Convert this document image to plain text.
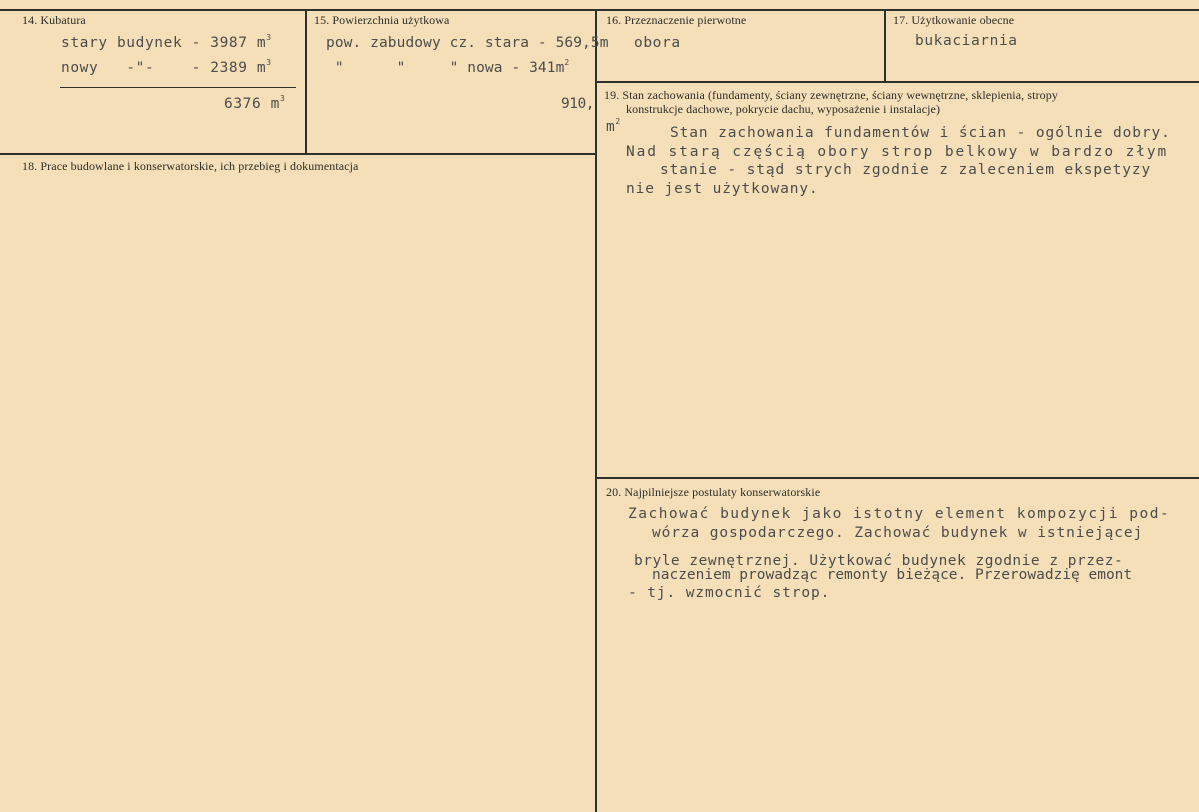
14. Kubatura
stary budynek - 3987 $m^3$
nowy   -"-    - 2389 $m^3$
6376 $m^3$
15. Powierzchnia użytkowa
pow. zabudowy cz. stara - 569,5m
"      "     " nowa - $341m^2$
910,
$m^2$
16. Przeznaczenie pierwotne
obora
17. Użytkowanie obecne
bukaciarnia
18. Prace budowlane i konserwatorskie, ich przebieg i dokumentacja
19. Stan zachowania (fundamenty, ściany zewnętrzne, ściany wewnętrzne, sklepienia, stropy
konstrukcje dachowe, pokrycie dachu, wyposażenie i instalacje)
Stan zachowania fundamentów i ścian - ogólnie dobry.
Nad starą częścią obory strop belkowy w bardzo złym
stanie - stąd strych zgodnie z zaleceniem ekspetyzy
nie jest użytkowany.
20. Najpilniejsze postulaty konserwatorskie
Zachować budynek jako istotny element kompozycji pod-
wórza gospodarczego. Zachować budynek w istniejącej
bryle zewnętrznej. Użytkować budynek zgodnie z przez-
naczeniem prowadząc remonty bieżące. Przerowadzię emont
- tj. wzmocnić strop.
